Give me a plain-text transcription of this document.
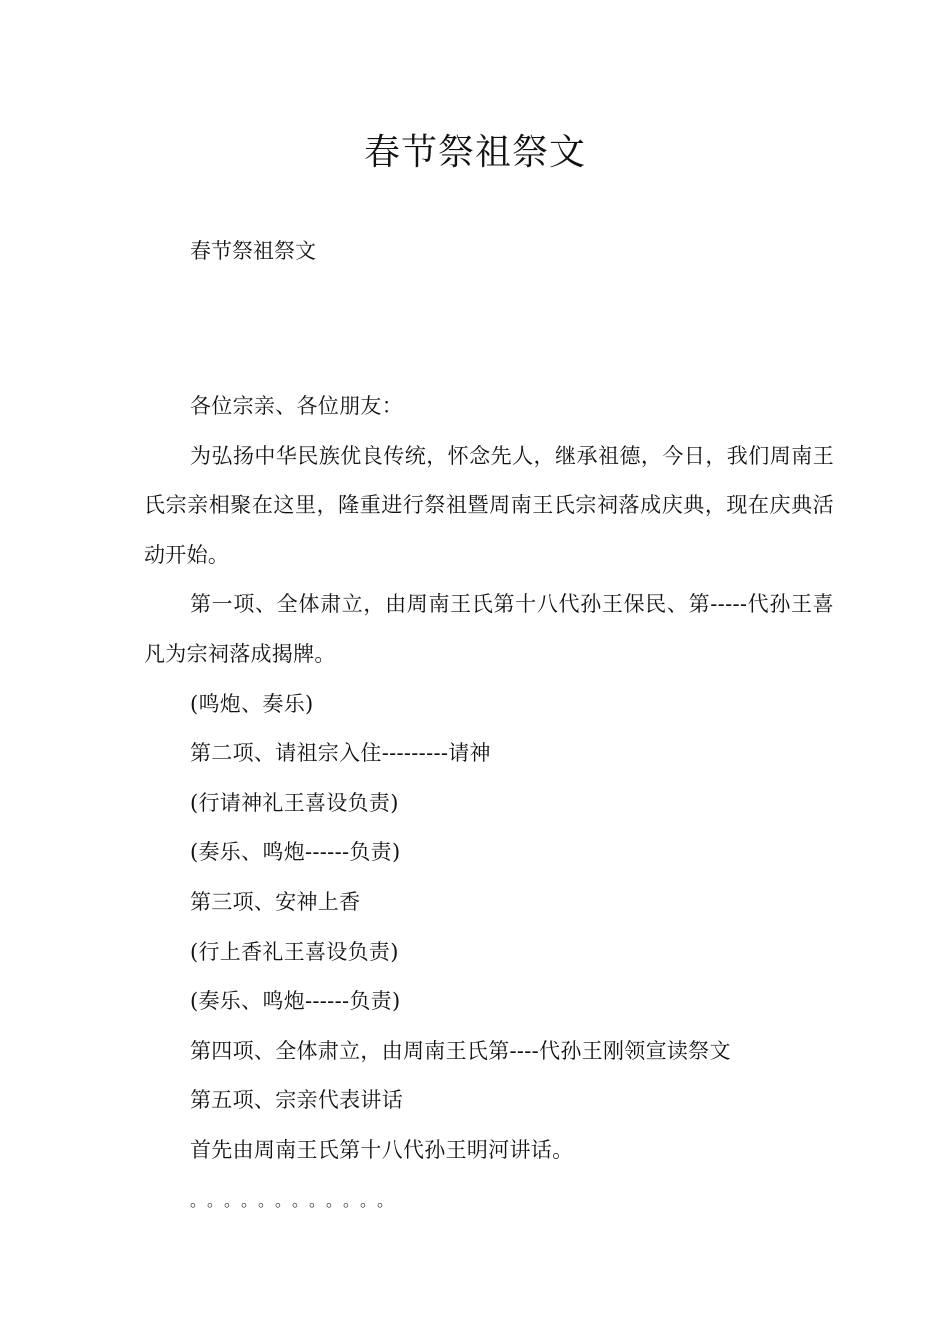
春节祭祖祭文

春节祭祖祭文

各位宗亲、各位朋友：

为弘扬中华民族优良传统，怀念先人，继承祖德，今日，我们周南王氏宗亲相聚在这里，隆重进行祭祖暨周南王氏宗祠落成庆典，现在庆典活动开始。

第一项、全体肃立，由周南王氏第十八代孙王保民、第-----代孙王喜凡为宗祠落成揭牌。

(鸣炮、奏乐)

第二项、请祖宗入住---------请神

(行请神礼王喜设负责)

(奏乐、鸣炮------负责)

第三项、安神上香

(行上香礼王喜设负责)

(奏乐、鸣炮------负责)

第四项、全体肃立，由周南王氏第----代孙王刚领宣读祭文

第五项、宗亲代表讲话

首先由周南王氏第十八代孙王明河讲话。

。。。。。。。。。。。。
